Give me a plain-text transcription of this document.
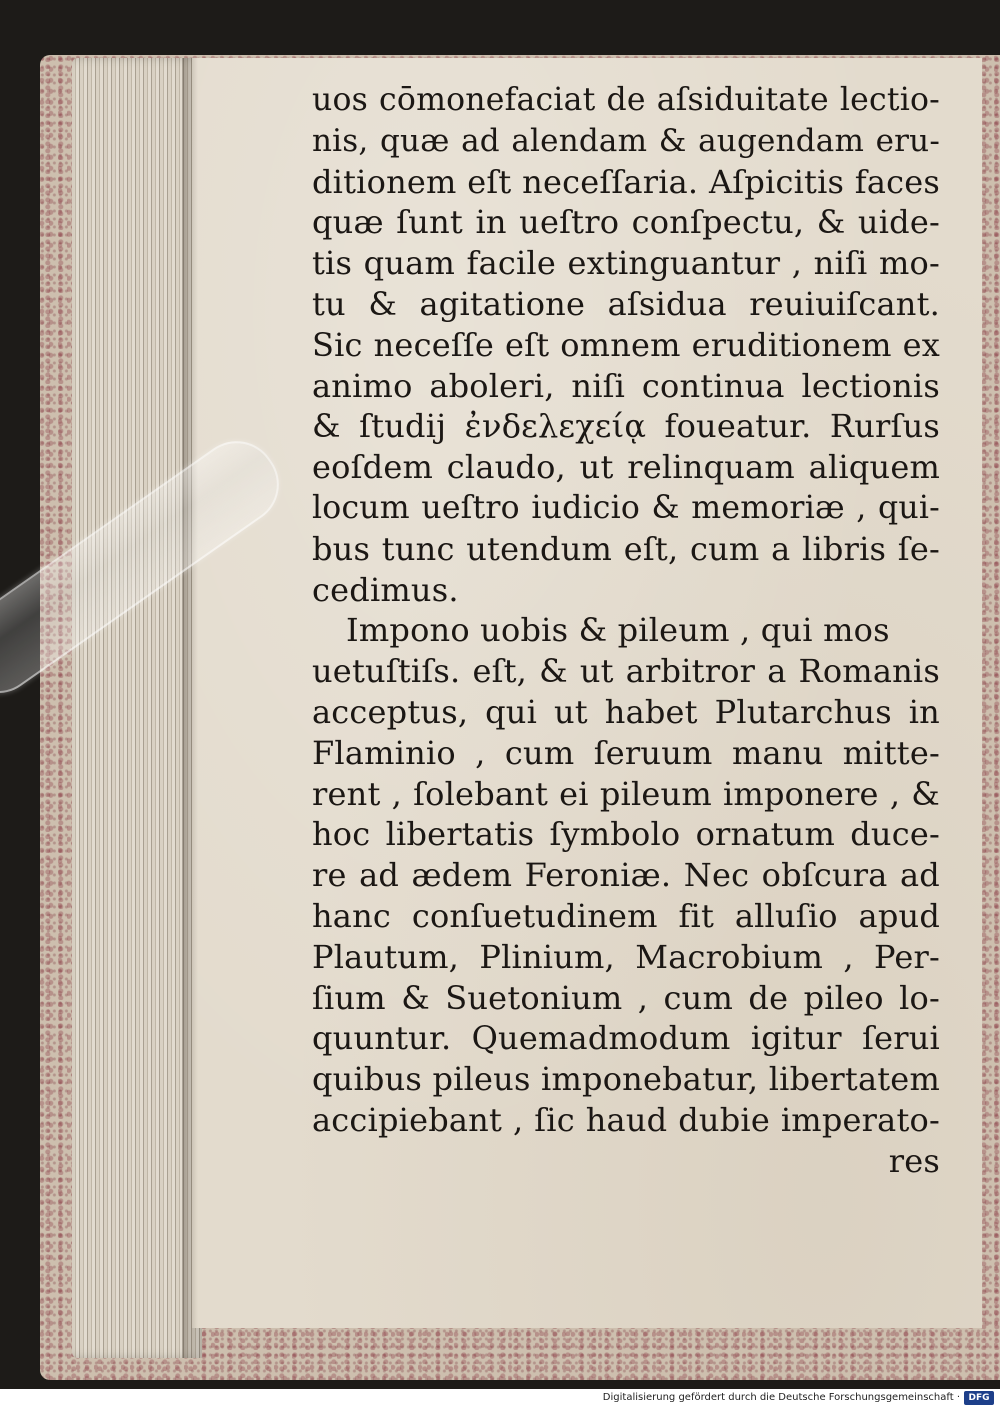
uos cōmonefaciat de aſsiduitate lectio-
nis, quæ ad alendam & augendam eru-
ditionem eſt neceſſaria. Aſpicitis faces
quæ ſunt in ueſtro conſpectu, & uide-
tis quam facile extinguantur , niſi mo-
tu & agitatione aſsidua reuiuiſcant.
Sic neceſſe eſt omnem eruditionem ex
animo aboleri, niſi continua lectionis
& ſtudij ἐνδελεχείᾳ foueatur. Rurſus
eoſdem claudo, ut relinquam aliquem
locum ueſtro iudicio & memoriæ , qui-
bus tunc utendum eſt, cum a libris ſe-
cedimus.
Impono uobis & pileum , qui mos
uetuſtiſs. eſt, & ut arbitror a Romanis
acceptus, qui ut habet Plutarchus in
Flaminio , cum ſeruum manu mitte-
rent , ſolebant ei pileum imponere , &
hoc libertatis ſymbolo ornatum duce-
re ad ædem Feroniæ. Nec obſcura ad
hanc conſuetudinem fit alluſio apud
Plautum, Plinium, Macrobium , Per-
ſium & Suetonium , cum de pileo lo-
quuntur. Quemadmodum igitur ſerui
quibus pileus imponebatur, libertatem
accipiebant , ſic haud dubie imperato-
res
Digitalisierung gefördert durch die Deutsche Forschungsgemeinschaft · DFG
